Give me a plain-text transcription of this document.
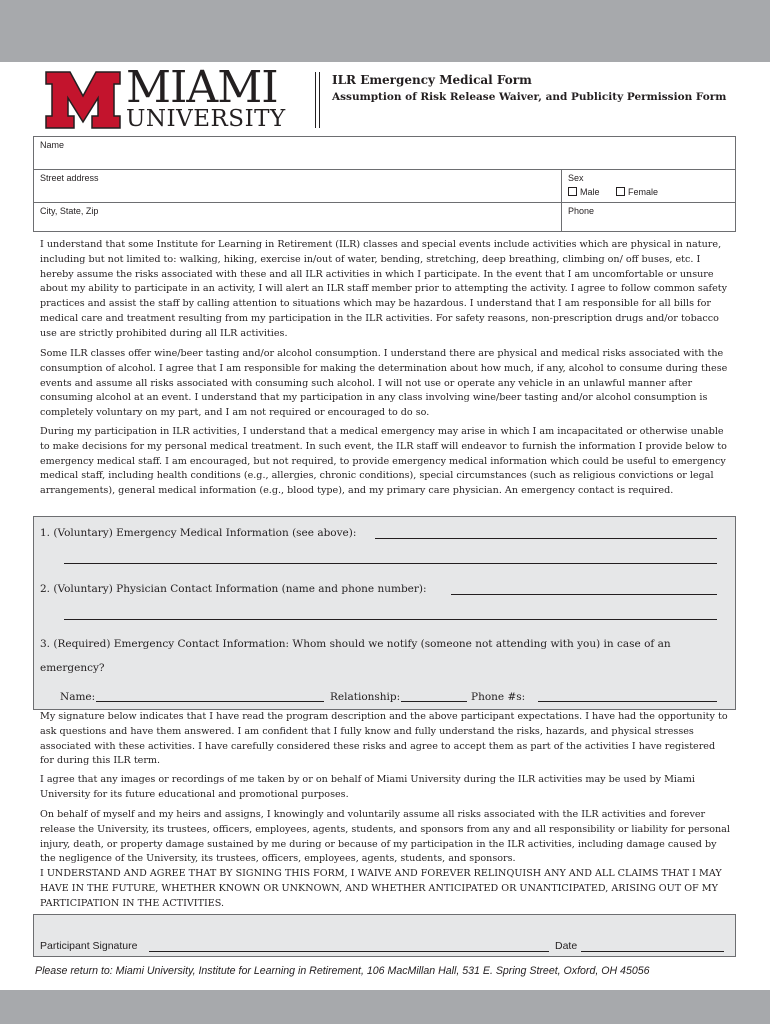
MIAMI
UNIVERSITY
ILR Emergency Medical Form
Assumption of Risk Release Waiver, and Publicity Permission Form
Name
Street address	Sex
Male	Female
City, State, Zip	Phone
I understand that some Institute for Learning in Retirement (ILR) classes and special events include activities which are physical in nature, including but not limited to: walking, hiking, exercise in/out of water, bending, stretching, deep breathing, climbing on/ off buses, etc. I hereby assume the risks associated with these and all ILR activities in which I participate. In the event that I am uncomfortable or unsure about my ability to participate in an activity, I will alert an ILR staff member prior to attempting the activity. I agree to follow common safety practices and assist the staff by calling attention to situations which may be hazardous. I understand that I am responsible for all bills for medical care and treatment resulting from my participation in the ILR activities. For safety reasons, non-prescription drugs and/or tobacco use are strictly prohibited during all ILR activities.
Some ILR classes offer wine/beer tasting and/or alcohol consumption. I understand there are physical and medical risks associated with the consumption of alcohol. I agree that I am responsible for making the determination about how much, if any, alcohol to consume during these events and assume all risks associated with consuming such alcohol. I will not use or operate any vehicle in an unlawful manner after consuming alcohol at an event. I understand that my participation in any class involving wine/beer tasting and/or alcohol consumption is completely voluntary on my part, and I am not required or encouraged to do so.
During my participation in ILR activities, I understand that a medical emergency may arise in which I am incapacitated or otherwise unable to make decisions for my personal medical treatment. In such event, the ILR staff will endeavor to furnish the information I provide below to emergency medical staff. I am encouraged, but not required, to provide emergency medical information which could be useful to emergency medical staff, including health conditions (e.g., allergies, chronic conditions), special circumstances (such as religious convictions or legal arrangements), general medical information (e.g., blood type), and my primary care physician. An emergency contact is required.
1. (Voluntary) Emergency Medical Information (see above):
2. (Voluntary) Physician Contact Information (name and phone number):
3. (Required) Emergency Contact Information: Whom should we notify (someone not attending with you) in case of an
emergency?
Name:	Relationship:	Phone #s:
My signature below indicates that I have read the program description and the above participant expectations. I have had the opportunity to ask questions and have them answered. I am confident that I fully know and fully understand the risks, hazards, and physical stresses associated with these activities. I have carefully considered these risks and agree to accept them as part of the activities I have registered for during this ILR term.
I agree that any images or recordings of me taken by or on behalf of Miami University during the ILR activities may be used by Miami University for its future educational and promotional purposes.
On behalf of myself and my heirs and assigns, I knowingly and voluntarily assume all risks associated with the ILR activities and forever release the University, its trustees, officers, employees, agents, students, and sponsors from any and all responsibility or liability for personal injury, death, or property damage sustained by me during or because of my participation in the ILR activities, including damage caused by the negligence of the University, its trustees, officers, employees, agents, students, and sponsors.
I UNDERSTAND AND AGREE THAT BY SIGNING THIS FORM, I WAIVE AND FOREVER RELINQUISH ANY AND ALL CLAIMS THAT I MAY HAVE IN THE FUTURE, WHETHER KNOWN OR UNKNOWN, AND WHETHER ANTICIPATED OR UNANTICIPATED, ARISING OUT OF MY PARTICIPATION IN THE ACTIVITIES.
Participant Signature	Date
Please return to: Miami University, Institute for Learning in Retirement, 106 MacMillan Hall, 531 E. Spring Street, Oxford, OH 45056
